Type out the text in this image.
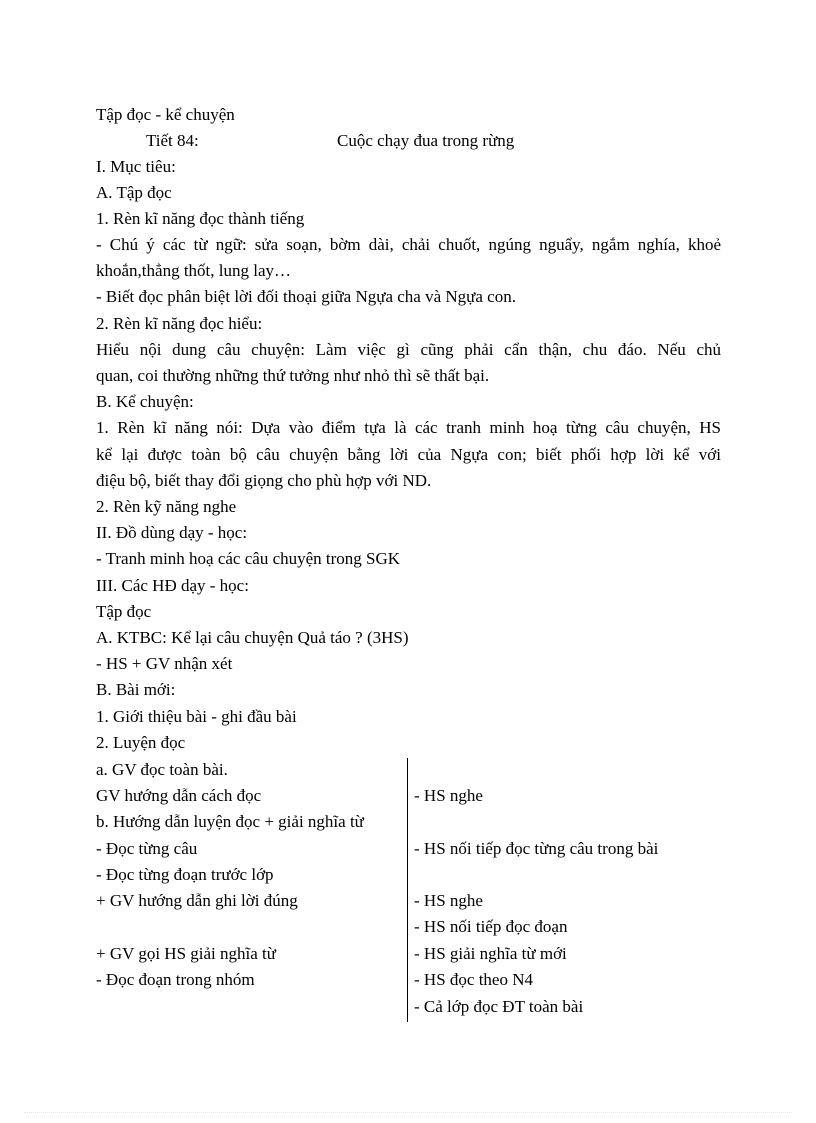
Tập đọc - kể chuyện
Tiết 84:	Cuộc chạy đua trong rừng
I. Mục tiêu:
A. Tập đọc
1. Rèn kĩ năng đọc thành tiếng
- Chú ý các từ ngữ: sửa soạn, bờm dài, chải chuốt, ngúng nguẩy, ngắm nghía, khoẻ
khoắn,thẳng thốt, lung lay…
- Biết đọc phân biệt lời đối thoại giữa Ngựa cha và Ngựa con.
2. Rèn kĩ năng đọc hiểu:
Hiểu nội dung câu chuyện: Làm việc gì cũng phải cẩn thận, chu đáo. Nếu chủ
quan, coi thường những thứ tưởng như nhỏ thì sẽ thất bại.
B. Kể chuyện:
1. Rèn kĩ năng nói: Dựa vào điểm tựa là các tranh minh hoạ từng câu chuyện, HS
kể lại được toàn bộ câu chuyện bằng lời của Ngựa con; biết phối hợp lời kể với
điệu bộ, biết thay đổi giọng cho phù hợp với ND.
2. Rèn kỹ năng nghe
II. Đồ dùng dạy - học:
- Tranh minh hoạ các câu chuyện trong SGK
III. Các HĐ dạy - học:
Tập đọc
A. KTBC: Kể lại câu chuyện Quả táo ? (3HS)
- HS + GV nhận xét
B. Bài mới:
1. Giới thiệu bài - ghi đầu bài
2. Luyện đọc
a. GV đọc toàn bài.
GV hướng dẫn cách đọc
b. Hướng dẫn luyện đọc + giải nghĩa từ
- Đọc từng câu
- Đọc từng đoạn trước lớp
+ GV hướng dẫn ghi lời đúng
+ GV gọi HS giải nghĩa từ
- Đọc đoạn trong nhóm
- HS nghe
- HS nối tiếp đọc từng câu trong bài
- HS nghe
- HS nối tiếp đọc đoạn
- HS giải nghĩa từ mới
- HS đọc theo N4
- Cả lớp đọc ĐT toàn bài
